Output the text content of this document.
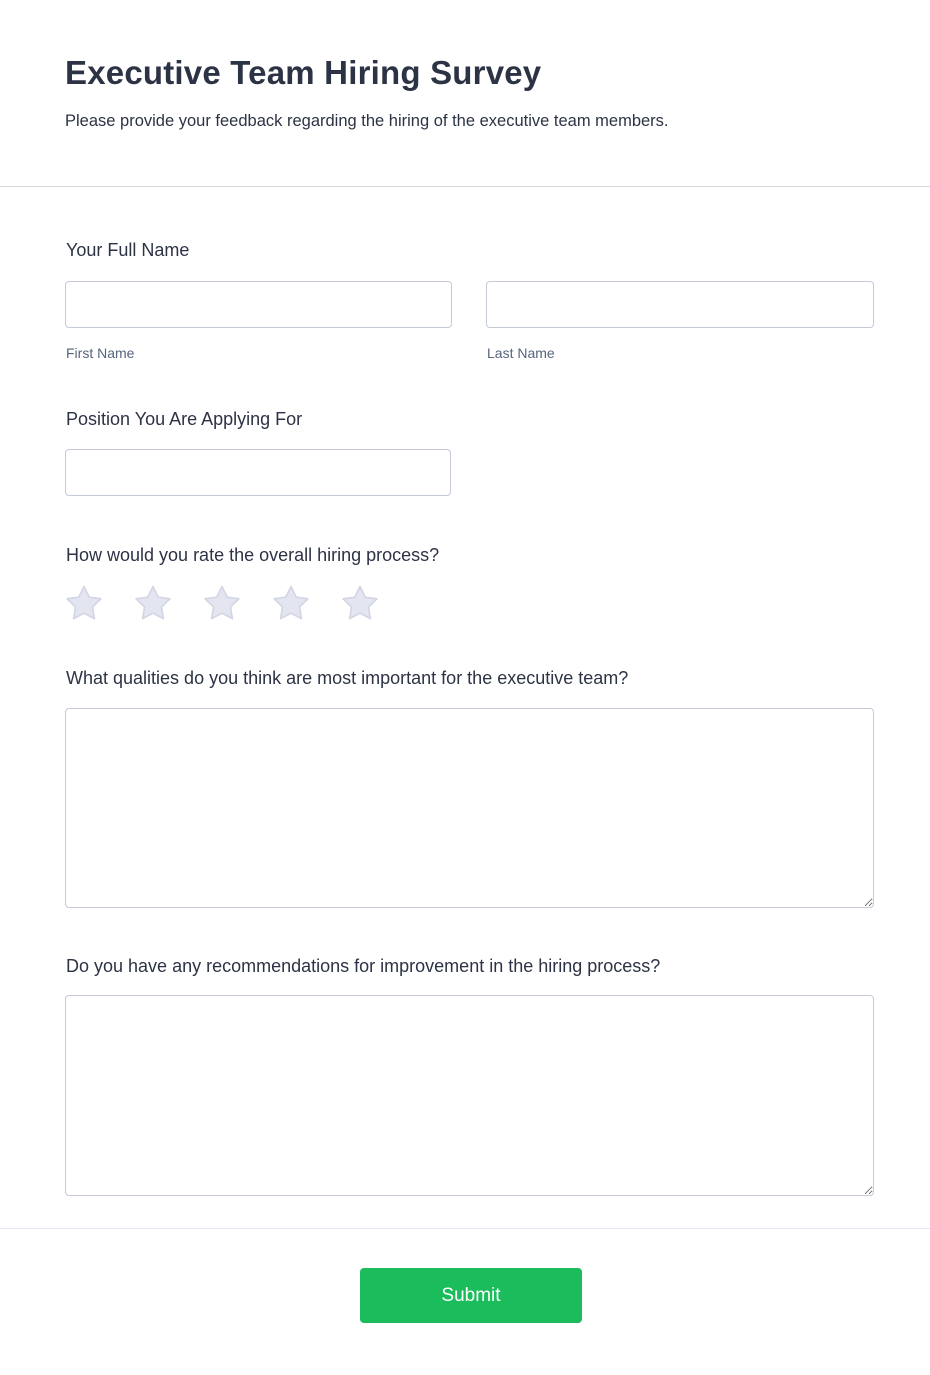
Executive Team Hiring Survey

Please provide your feedback regarding the hiring of the executive team members.

Your Full Name
First Name	Last Name
Position You Are Applying For
How would you rate the overall hiring process?
What qualities do you think are most important for the executive team?
Do you have any recommendations for improvement in the hiring process?
Submit
